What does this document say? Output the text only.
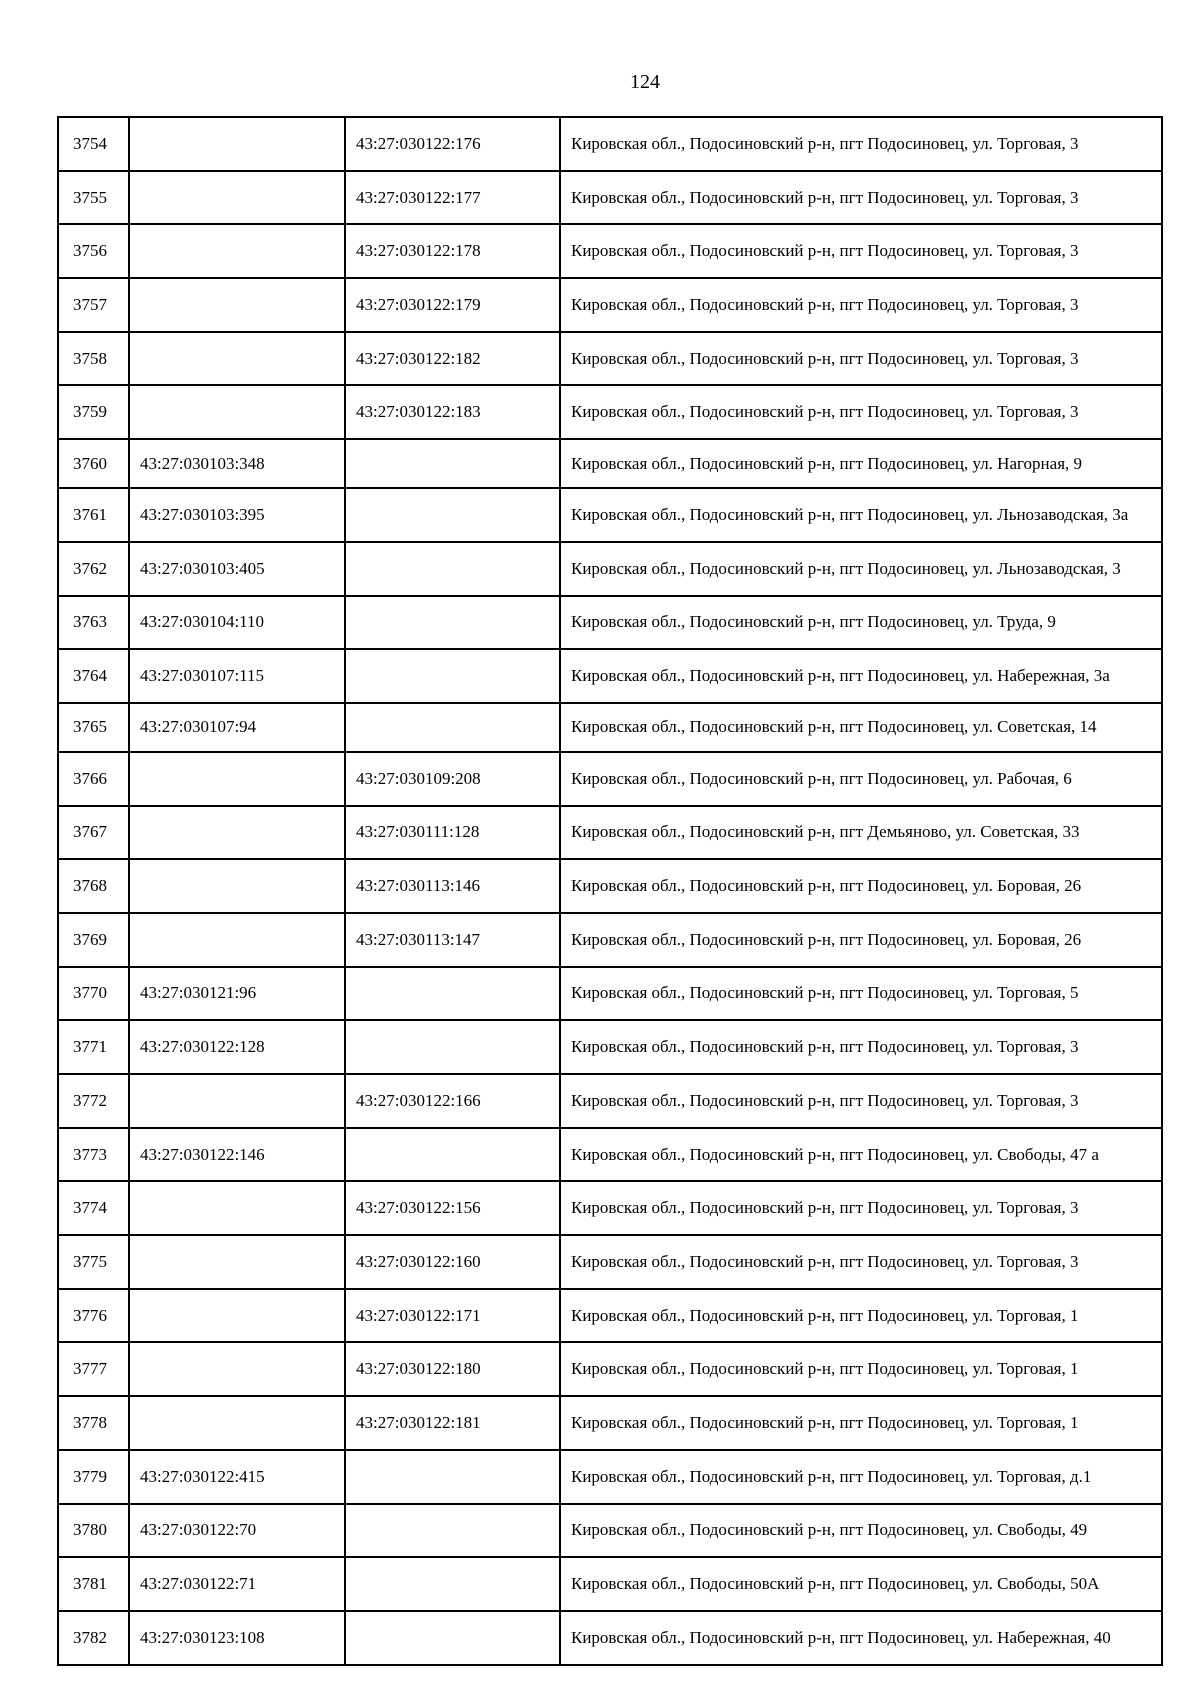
124
3754		43:27:030122:176	Кировская обл., Подосиновский р-н, пгт Подосиновец, ул. Торговая, 3
3755		43:27:030122:177	Кировская обл., Подосиновский р-н, пгт Подосиновец, ул. Торговая, 3
3756		43:27:030122:178	Кировская обл., Подосиновский р-н, пгт Подосиновец, ул. Торговая, 3
3757		43:27:030122:179	Кировская обл., Подосиновский р-н, пгт Подосиновец, ул. Торговая, 3
3758		43:27:030122:182	Кировская обл., Подосиновский р-н, пгт Подосиновец, ул. Торговая, 3
3759		43:27:030122:183	Кировская обл., Подосиновский р-н, пгт Подосиновец, ул. Торговая, 3
3760	43:27:030103:348		Кировская обл., Подосиновский р-н, пгт Подосиновец, ул. Нагорная, 9
3761	43:27:030103:395		Кировская обл., Подосиновский р-н, пгт Подосиновец, ул. Льнозаводская, 3а
3762	43:27:030103:405		Кировская обл., Подосиновский р-н, пгт Подосиновец, ул. Льнозаводская, 3
3763	43:27:030104:110		Кировская обл., Подосиновский р-н, пгт Подосиновец, ул. Труда, 9
3764	43:27:030107:115		Кировская обл., Подосиновский р-н, пгт Подосиновец, ул. Набережная, 3а
3765	43:27:030107:94		Кировская обл., Подосиновский р-н, пгт Подосиновец, ул. Советская, 14
3766		43:27:030109:208	Кировская обл., Подосиновский р-н, пгт Подосиновец, ул. Рабочая, 6
3767		43:27:030111:128	Кировская обл., Подосиновский р-н, пгт Демьяново, ул. Советская, 33
3768		43:27:030113:146	Кировская обл., Подосиновский р-н, пгт Подосиновец, ул. Боровая, 26
3769		43:27:030113:147	Кировская обл., Подосиновский р-н, пгт Подосиновец, ул. Боровая, 26
3770	43:27:030121:96		Кировская обл., Подосиновский р-н, пгт Подосиновец, ул. Торговая, 5
3771	43:27:030122:128		Кировская обл., Подосиновский р-н, пгт Подосиновец, ул. Торговая, 3
3772		43:27:030122:166	Кировская обл., Подосиновский р-н, пгт Подосиновец, ул. Торговая, 3
3773	43:27:030122:146		Кировская обл., Подосиновский р-н, пгт Подосиновец, ул. Свободы, 47 а
3774		43:27:030122:156	Кировская обл., Подосиновский р-н, пгт Подосиновец, ул. Торговая, 3
3775		43:27:030122:160	Кировская обл., Подосиновский р-н, пгт Подосиновец, ул. Торговая, 3
3776		43:27:030122:171	Кировская обл., Подосиновский р-н, пгт Подосиновец, ул. Торговая, 1
3777		43:27:030122:180	Кировская обл., Подосиновский р-н, пгт Подосиновец, ул. Торговая, 1
3778		43:27:030122:181	Кировская обл., Подосиновский р-н, пгт Подосиновец, ул. Торговая, 1
3779	43:27:030122:415		Кировская обл., Подосиновский р-н, пгт Подосиновец, ул. Торговая, д.1
3780	43:27:030122:70		Кировская обл., Подосиновский р-н, пгт Подосиновец, ул. Свободы, 49
3781	43:27:030122:71		Кировская обл., Подосиновский р-н, пгт Подосиновец, ул. Свободы, 50А
3782	43:27:030123:108		Кировская обл., Подосиновский р-н, пгт Подосиновец, ул. Набережная, 40
